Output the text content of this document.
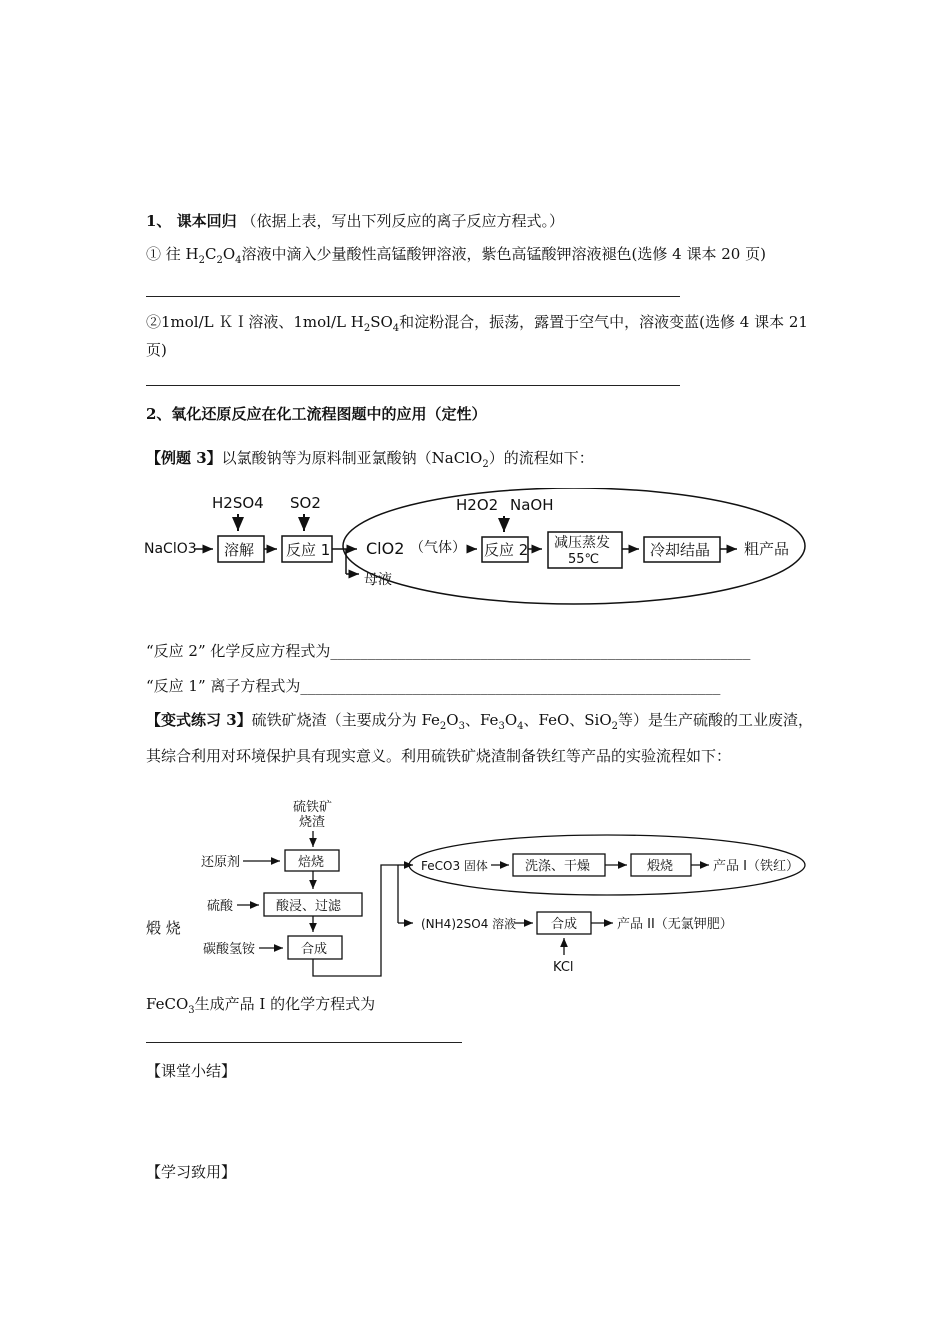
1、 课本回归 （依据上表，写出下列反应的离子反应方程式。）
① 往 $H_2C_2O_4$溶液中滴入少量酸性高锰酸钾溶液，紫色高锰酸钾溶液褪色(选修 4 课本 20 页)
②1mol/L ＫＩ溶液、1mol/L $H_2SO_4$和淀粉混合，振荡，露置于空气中，溶液变蓝(选修 4 课本 21
页)
2、氧化还原反应在化工流程图题中的应用（定性）
【例题 3】以氯酸钠等为原料制亚氯酸钠（NaClO$_2$）的流程如下：
NaClO3 溶解
H2SO4
反应 1
SO2
母液
ClO2 （气体） 反应 2
H2O2 NaOH
减压蒸发
55℃
冷却结晶 粗产品
“反应 2” 化学反应方程式为________________________________________________________
“反应 1” 离子方程式为________________________________________________________
【变式练习 3】硫铁矿烧渣（主要成分为 $Fe_2O_3$、$Fe_3O_4$、FeO、SiO$_2$等）是生产硫酸的工业废渣，
其综合利用对环境保护具有现实意义。利用硫铁矿烧渣制备铁红等产品的实验流程如下：
煅 烧
硫铁矿
烧渣
焙烧
还原剂
酸浸、过滤
硫酸
合成
碳酸氢铵
FeCO3 固体	洗涤、干燥	煅烧	产品 I（铁红）
(NH4)2SO4 溶液	合成	产品 II（无氯钾肥）
KCl
FeCO$_3$生成产品 I 的化学方程式为
【课堂小结】
【学习致用】
